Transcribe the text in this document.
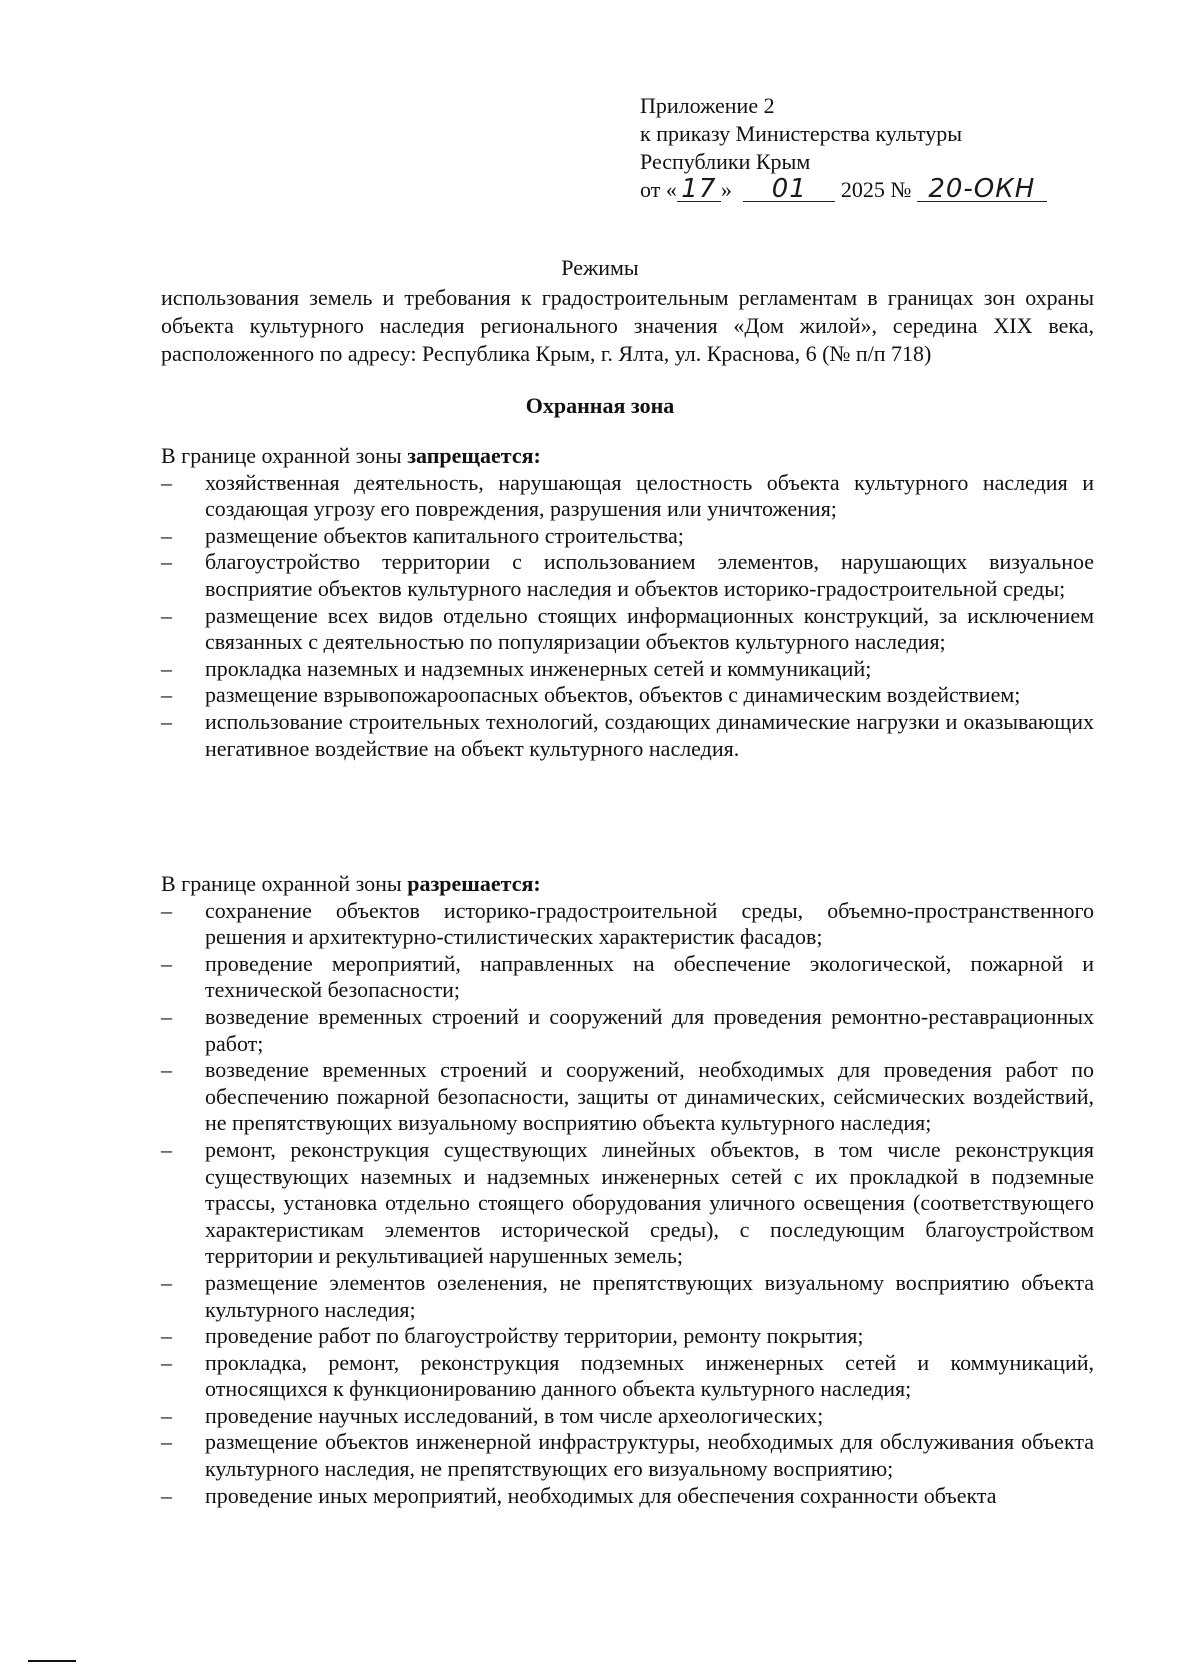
Приложение 2
к приказу Министерства культуры
Республики Крым
от « 17 » 01 2025 № 20-ОКН
Режимы
использования земель и требования к градостроительным регламентам в границах зон охраны объекта культурного наследия регионального значения «Дом жилой», середина XIX века, расположенного по адресу: Республика Крым, г. Ялта, ул. Краснова, 6 (№ п/п 718)
Охранная зона

В границе охранной зоны запрещается:

– хозяйственная деятельность, нарушающая целостность объекта культурного наследия и создающая угрозу его повреждения, разрушения или уничтожения;
– размещение объектов капитального строительства;
– благоустройство территории с использованием элементов, нарушающих визуальное восприятие объектов культурного наследия и объектов историко-градостроительной среды;
– размещение всех видов отдельно стоящих информационных конструкций, за исключением связанных с деятельностью по популяризации объектов культурного наследия;
– прокладка наземных и надземных инженерных сетей и коммуникаций;
– размещение взрывопожароопасных объектов, объектов с динамическим воздействием;
– использование строительных технологий, создающих динамические нагрузки и оказывающих негативное воздействие на объект культурного наследия.

В границе охранной зоны разрешается:

– сохранение объектов историко-градостроительной среды, объемно-пространственного решения и архитектурно-стилистических характеристик фасадов;
– проведение мероприятий, направленных на обеспечение экологической, пожарной и технической безопасности;
– возведение временных строений и сооружений для проведения ремонтно-реставрационных работ;
– возведение временных строений и сооружений, необходимых для проведения работ по обеспечению пожарной безопасности, защиты от динамических, сейсмических воздействий, не препятствующих визуальному восприятию объекта культурного наследия;
– ремонт, реконструкция существующих линейных объектов, в том числе реконструкция существующих наземных и надземных инженерных сетей с их прокладкой в подземные трассы, установка отдельно стоящего оборудования уличного освещения (соответствующего характеристикам элементов исторической среды), с последующим благоустройством территории и рекультивацией нарушенных земель;
– размещение элементов озеленения, не препятствующих визуальному восприятию объекта культурного наследия;
– проведение работ по благоустройству территории, ремонту покрытия;
– прокладка, ремонт, реконструкция подземных инженерных сетей и коммуникаций, относящихся к функционированию данного объекта культурного наследия;
– проведение научных исследований, в том числе археологических;
– размещение объектов инженерной инфраструктуры, необходимых для обслуживания объекта культурного наследия, не препятствующих его визуальному восприятию;
– проведение иных мероприятий, необходимых для обеспечения сохранности объекта
